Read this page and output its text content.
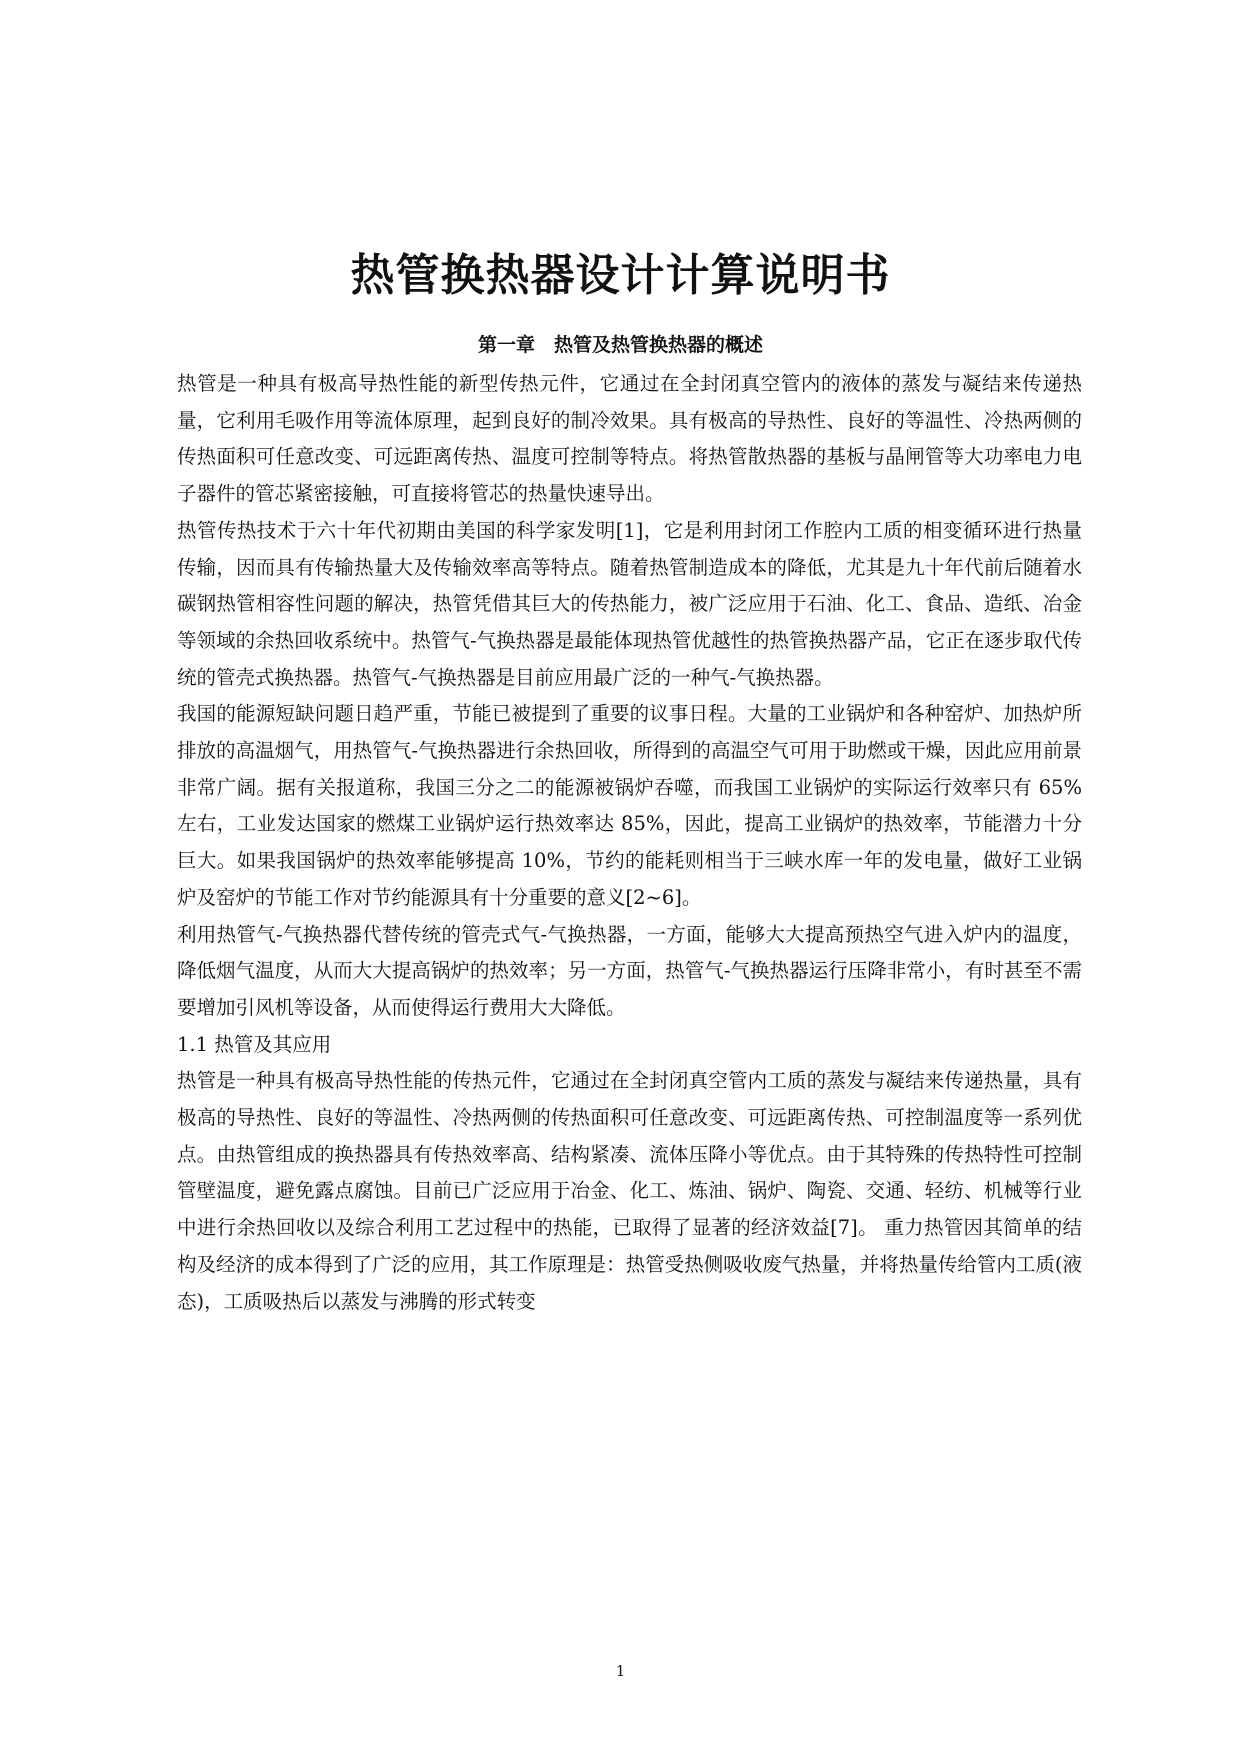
热管换热器设计计算说明书
第一章　热管及热管换热器的概述

热管是一种具有极高导热性能的新型传热元件，它通过在全封闭真空管内的液体的蒸发与凝结来传递热量，它利用毛吸作用等流体原理，起到良好的制冷效果。具有极高的导热性、良好的等温性、冷热两侧的传热面积可任意改变、可远距离传热、温度可控制等特点。将热管散热器的基板与晶闸管等大功率电力电子器件的管芯紧密接触，可直接将管芯的热量快速导出。

热管传热技术于六十年代初期由美国的科学家发明[1]，它是利用封闭工作腔内工质的相变循环进行热量传输，因而具有传输热量大及传输效率高等特点。随着热管制造成本的降低，尤其是九十年代前后随着水碳钢热管相容性问题的解决，热管凭借其巨大的传热能力，被广泛应用于石油、化工、食品、造纸、冶金等领域的余热回收系统中。热管气-气换热器是最能体现热管优越性的热管换热器产品，它正在逐步取代传统的管壳式换热器。热管气-气换热器是目前应用最广泛的一种气-气换热器。

我国的能源短缺问题日趋严重，节能已被提到了重要的议事日程。大量的工业锅炉和各种窑炉、加热炉所排放的高温烟气，用热管气-气换热器进行余热回收，所得到的高温空气可用于助燃或干燥，因此应用前景非常广阔。据有关报道称，我国三分之二的能源被锅炉吞噬，而我国工业锅炉的实际运行效率只有 65%左右，工业发达国家的燃煤工业锅炉运行热效率达 85%，因此，提高工业锅炉的热效率，节能潜力十分巨大。如果我国锅炉的热效率能够提高 10%，节约的能耗则相当于三峡水库一年的发电量，做好工业锅炉及窑炉的节能工作对节约能源具有十分重要的意义[2~6]。

利用热管气-气换热器代替传统的管壳式气-气换热器，一方面，能够大大提高预热空气进入炉内的温度，降低烟气温度，从而大大提高锅炉的热效率；另一方面，热管气-气换热器运行压降非常小，有时甚至不需要增加引风机等设备，从而使得运行费用大大降低。

1.1 热管及其应用

热管是一种具有极高导热性能的传热元件，它通过在全封闭真空管内工质的蒸发与凝结来传递热量，具有极高的导热性、良好的等温性、冷热两侧的传热面积可任意改变、可远距离传热、可控制温度等一系列优点。由热管组成的换热器具有传热效率高、结构紧凑、流体压降小等优点。由于其特殊的传热特性可控制管壁温度，避免露点腐蚀。目前已广泛应用于冶金、化工、炼油、锅炉、陶瓷、交通、轻纺、机械等行业中进行余热回收以及综合利用工艺过程中的热能，已取得了显著的经济效益[7]。 重力热管因其简单的结构及经济的成本得到了广泛的应用，其工作原理是：热管受热侧吸收废气热量，并将热量传给管内工质(液态)，工质吸热后以蒸发与沸腾的形式转变

1
